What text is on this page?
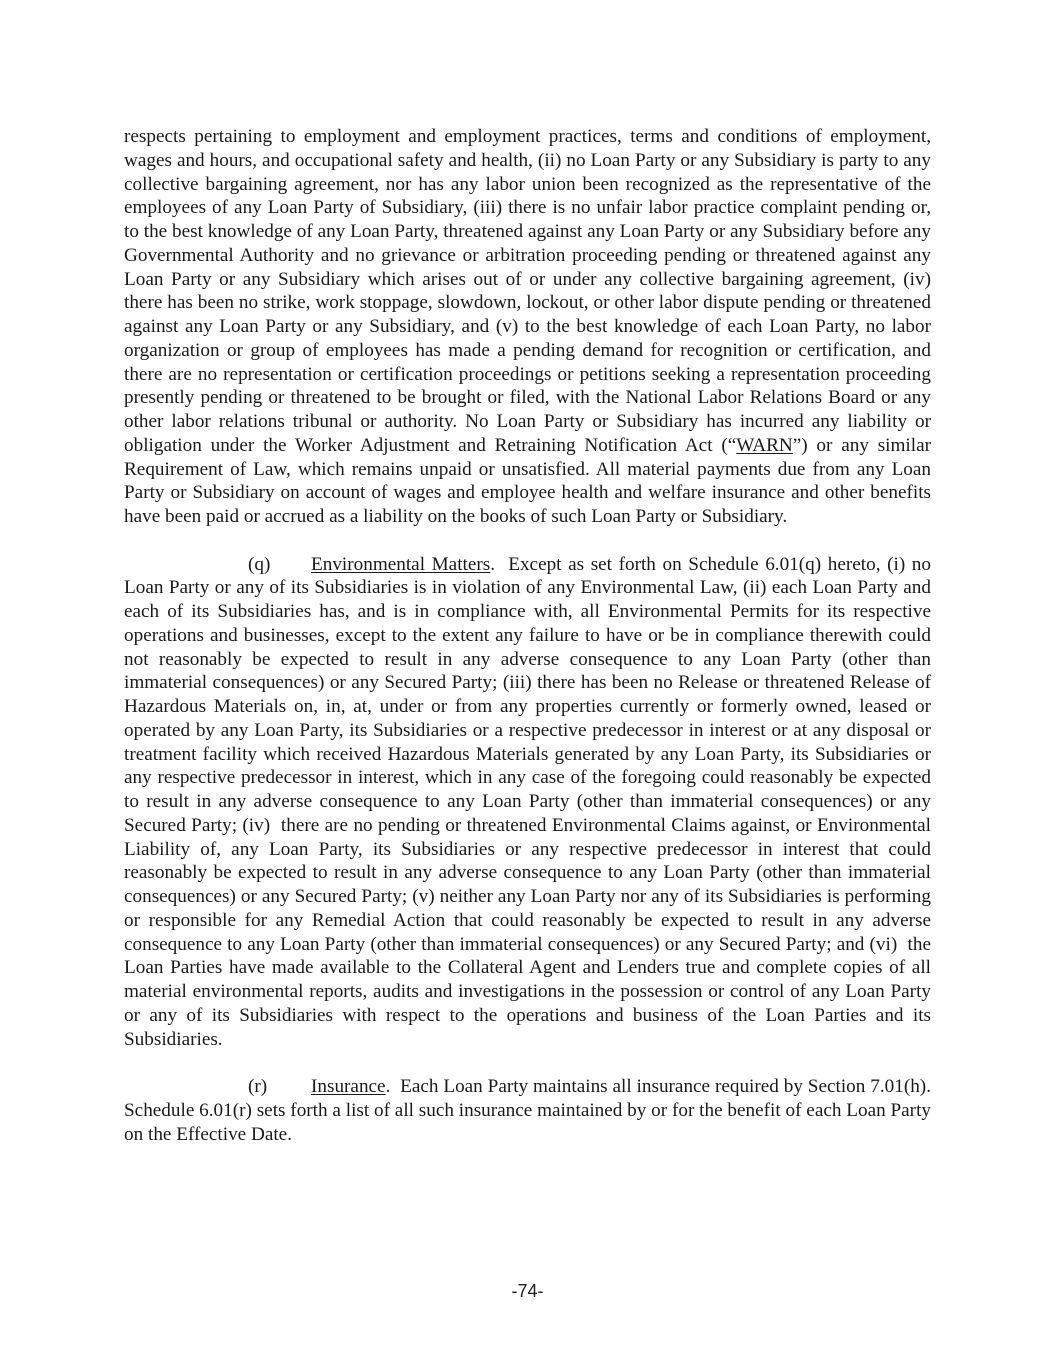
respects pertaining to employment and employment practices, terms and conditions of employment, wages and hours, and occupational safety and health, (ii) no Loan Party or any Subsidiary is party to any collective bargaining agreement, nor has any labor union been recognized as the representative of the employees of any Loan Party of Subsidiary, (iii) there is no unfair labor practice complaint pending or, to the best knowledge of any Loan Party, threatened against any Loan Party or any Subsidiary before any Governmental Authority and no grievance or arbitration proceeding pending or threatened against any Loan Party or any Subsidiary which arises out of or under any collective bargaining agreement, (iv) there has been no strike, work stoppage, slowdown, lockout, or other labor dispute pending or threatened against any Loan Party or any Subsidiary, and (v) to the best knowledge of each Loan Party, no labor organization or group of employees has made a pending demand for recognition or certification, and there are no representation or certification proceedings or petitions seeking a representation proceeding presently pending or threatened to be brought or filed, with the National Labor Relations Board or any other labor relations tribunal or authority. No Loan Party or Subsidiary has incurred any liability or obligation under the Worker Adjustment and Retraining Notification Act (“WARN”) or any similar Requirement of Law, which remains unpaid or unsatisfied. All material payments due from any Loan Party or Subsidiary on account of wages and employee health and welfare insurance and other benefits have been paid or accrued as a liability on the books of such Loan Party or Subsidiary.

(q) Environmental Matters.  Except as set forth on Schedule 6.01(q) hereto, (i) no Loan Party or any of its Subsidiaries is in violation of any Environmental Law, (ii) each Loan Party and each of its Subsidiaries has, and is in compliance with, all Environmental Permits for its respective operations and businesses, except to the extent any failure to have or be in compliance therewith could not reasonably be expected to result in any adverse consequence to any Loan Party (other than immaterial consequences) or any Secured Party; (iii) there has been no Release or threatened Release of Hazardous Materials on, in, at, under or from any properties currently or formerly owned, leased or operated by any Loan Party, its Subsidiaries or a respective predecessor in interest or at any disposal or treatment facility which received Hazardous Materials generated by any Loan Party, its Subsidiaries or any respective predecessor in interest, which in any case of the foregoing could reasonably be expected to result in any adverse consequence to any Loan Party (other than immaterial consequences) or any Secured Party; (iv)  there are no pending or threatened Environmental Claims against, or Environmental Liability of, any Loan Party, its Subsidiaries or any respective predecessor in interest that could reasonably be expected to result in any adverse consequence to any Loan Party (other than immaterial consequences) or any Secured Party; (v) neither any Loan Party nor any of its Subsidiaries is performing or responsible for any Remedial Action that could reasonably be expected to result in any adverse consequence to any Loan Party (other than immaterial consequences) or any Secured Party; and (vi)  the Loan Parties have made available to the Collateral Agent and Lenders true and complete copies of all material environmental reports, audits and investigations in the possession or control of any Loan Party or any of its Subsidiaries with respect to the operations and business of the Loan Parties and its Subsidiaries.

(r) Insurance.  Each Loan Party maintains all insurance required by Section 7.01(h).  Schedule 6.01(r) sets forth a list of all such insurance maintained by or for the benefit of each Loan Party on the Effective Date.

-74-
